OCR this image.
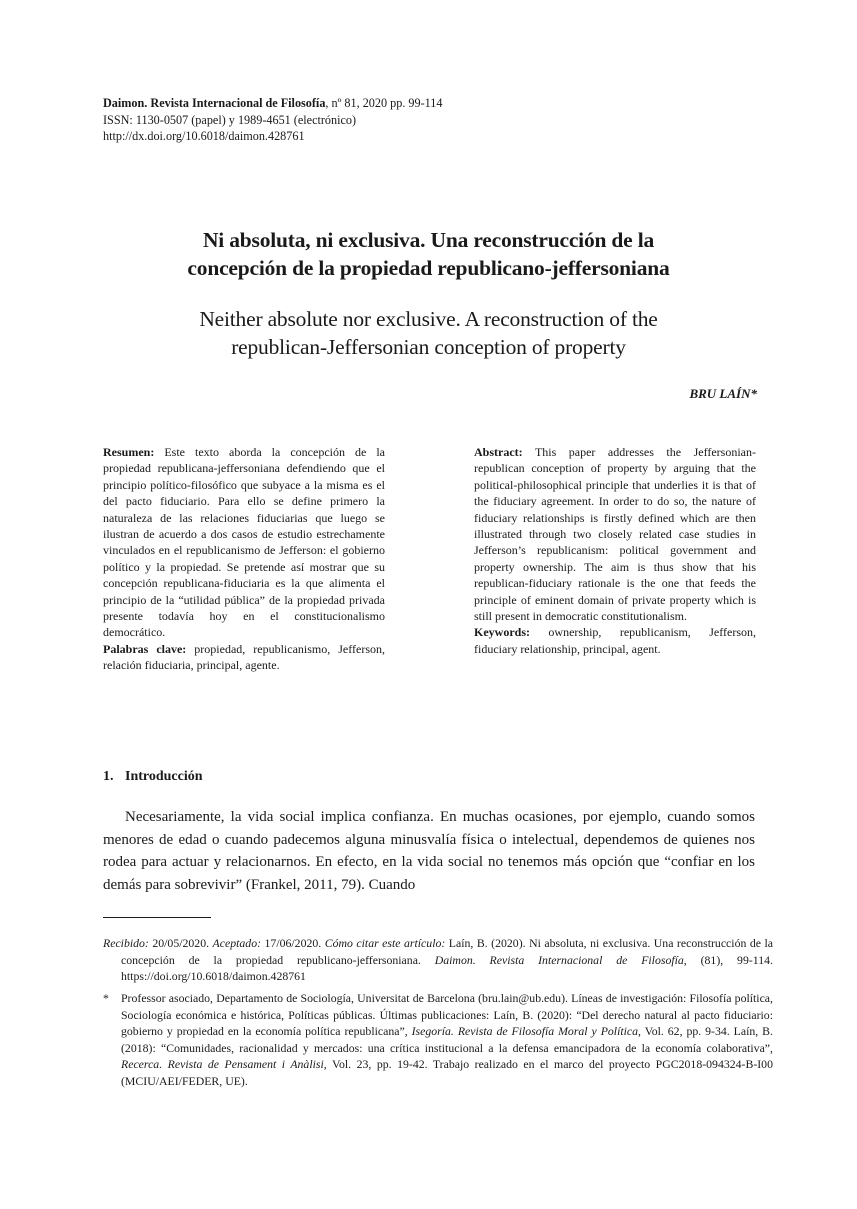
Daimon. Revista Internacional de Filosofía, nº 81, 2020 pp. 99-114
ISSN: 1130-0507 (papel) y 1989-4651 (electrónico)
http://dx.doi.org/10.6018/daimon.428761
Ni absoluta, ni exclusiva. Una reconstrucción de la
concepción de la propiedad republicano-jeffersoniana
Neither absolute nor exclusive. A reconstruction of the
republican-Jeffersonian conception of property
BRU LAÍN*

Resumen: Este texto aborda la concepción de la propiedad republicana-jeffersoniana defendiendo que el principio político-filosófico que subyace a la misma es el del pacto fiduciario. Para ello se define primero la naturaleza de las relaciones fiduciarias que luego se ilustran de acuerdo a dos casos de estudio estrechamente vinculados en el republicanismo de Jefferson: el gobierno político y la propiedad. Se pretende así mostrar que su concepción republicana-fiduciaria es la que alimenta el principio de la “utilidad pública” de la propiedad privada presente todavía hoy en el constitucionalismo democrático.

Palabras clave: propiedad, republicanismo, Jefferson, relación fiduciaria, principal, agente.

Abstract: This paper addresses the Jeffersonian-republican conception of property by arguing that the political-philosophical principle that underlies it is that of the fiduciary agreement. In order to do so, the nature of fiduciary relationships is firstly defined which are then illustrated through two closely related case studies in Jefferson’s republicanism: political government and property ownership. The aim is thus show that his republican-fiduciary rationale is the one that feeds the principle of eminent domain of private property which is still present in democratic constitutionalism.

Keywords: ownership, republicanism, Jefferson, fiduciary relationship, principal, agent.

1. Introducción

Necesariamente, la vida social implica confianza. En muchas ocasiones, por ejemplo, cuando somos menores de edad o cuando padecemos alguna minusvalía física o intelectual, dependemos de quienes nos rodea para actuar y relacionarnos. En efecto, en la vida social no tenemos más opción que “confiar en los demás para sobrevivir” (Frankel, 2011, 79). Cuando

Recibido: 20/05/2020. Aceptado: 17/06/2020. Cómo citar este artículo: Laín, B. (2020). Ni absoluta, ni exclusiva. Una reconstrucción de la concepción de la propiedad republicano-jeffersoniana. Daimon. Revista Internacional de Filosofía, (81), 99-114. https://doi.org/10.6018/daimon.428761

* Professor asociado, Departamento de Sociología, Universitat de Barcelona (bru.lain@ub.edu). Líneas de investigación: Filosofía política, Sociología económica e histórica, Políticas públicas. Últimas publicaciones: Laín, B. (2020): “Del derecho natural al pacto fiduciario: gobierno y propiedad en la economía política republicana”, Isegoría. Revista de Filosofía Moral y Política, Vol. 62, pp. 9-34. Laín, B. (2018): “Comunidades, racionalidad y mercados: una crítica institucional a la defensa emancipadora de la economía colaborativa”, Recerca. Revista de Pensament i Anàlisi, Vol. 23, pp. 19-42. Trabajo realizado en el marco del proyecto PGC2018-094324-B-I00 (MCIU/AEI/FEDER, UE).
